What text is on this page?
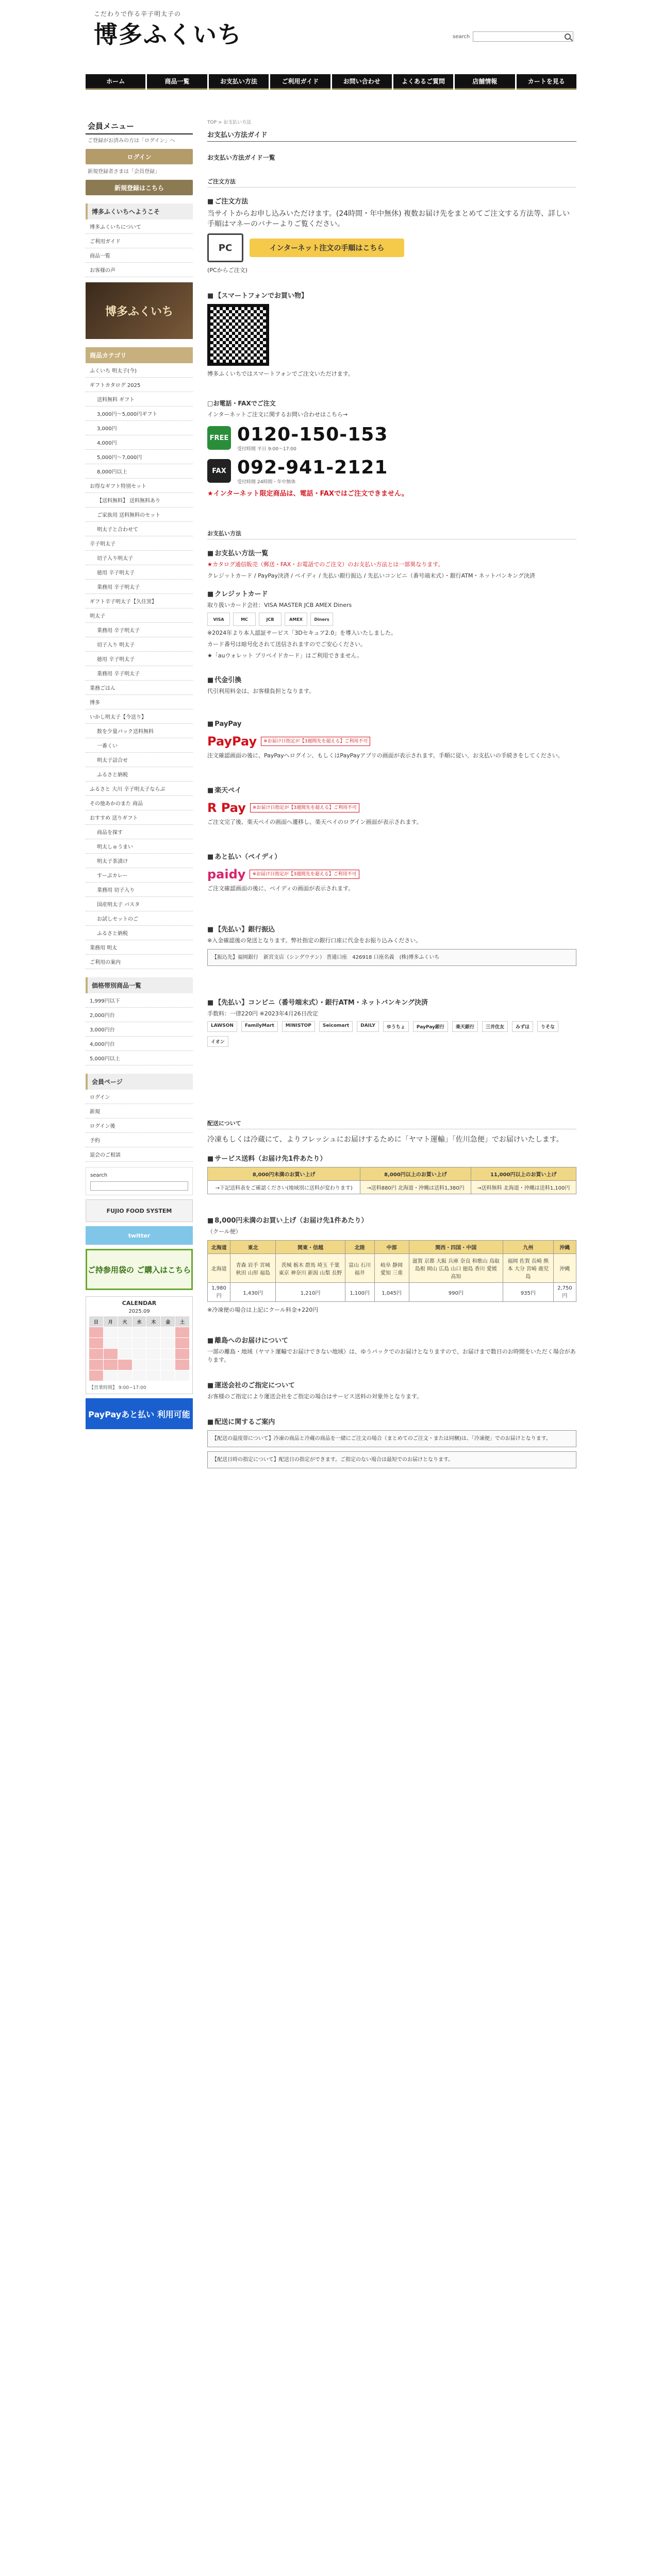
こだわりで作る辛子明太子の
博多ふくいち	search
ホーム	商品一覧	お支払い方法	ご利用ガイド	お問い合わせ	よくあるご質問	店舗情報	カートを見る
会員メニュー

ご登録がお済みの方は「ログイン」へ

ログイン

新規登録者さまは「会員登録」

新規登録はこちら
博多ふくいちへようこそ
博多ふくいちについて
ご利用ガイド
商品一覧
お客様の声
博多ふくいち
商品カテゴリ
ふくいち 明太子(今)
ギフトカタログ 2025
送料無料 ギフト
3,000円～5,000円ギフト
3,000円
4,000円
5,000円～7,000円
8,000円以上
お得なギフト特別セット
【送料無料】 送料無料あり
ご家族用 送料無料のセット
明太子と合わせて
辛子明太子
切子入り明太子
徳用 辛子明太子
業務用 辛子明太子
ギフト辛子明太子【久住窯】
明太子
業務用 辛子明太子
切子入り 明太子
徳用 辛子明太子
業務用 辛子明太子
業務ごはん
博多
いかし明太子【今送り】
数を少量パック送料無料
一番くい
明太子詰合せ
ふるさと納税
ふるさと 大川 辛子明太子ならぶ
その他あかのまた 商品
おすすめ 送りギフト
商品を探す
明太しゅうまい
明太子茶漬け
すーぷカレー
業務用 切子入り
国産明太子 パスタ
お試しセットのご
ふるさと納税
業務用 明太
ご利用の案内
価格帯別商品一覧
1,999円以下
2,000円台
3,000円台
4,000円台
5,000円以上
会員ページ
ログイン
新規
ログイン後
予約
退会のご相談
search
FUJIO FOOD SYSTEM
twitter
ご持参用袋の ご購入はこちら
CALENDAR
2025.09
日	月	火	水	木	金	土
【営業時間】 9:00~17:00
PayPayあと払い 利用可能
TOP > お支払い方法
お支払い方法ガイド
お支払い方法ガイド一覧
ご注文方法
■ ご注文方法

当サイトからお申し込みいただけます。(24時間・年中無休) 複数お届け先をまとめてご注文する方法等、詳しい手順はマネーのバナーよりご覧ください。

PC	インターネット注文の手順はこちら

(PCからご注文)

■ 【スマートフォンでお買い物】

博多ふくいちではスマートフォンでご注文いただけます。

□お電話・FAXでご注文

インターネットご注文に関するお問い合わせはこちら→

FREE 0120-150-153
受付時間 平日 9:00～17:00
FAX 092-941-2121
受付時間 24時間・年中無休

★インターネット限定商品は、電話・FAXではご注文できません。

お支払い方法
■ お支払い方法一覧

★カタログ通信販売（郵送・FAX・お電話でのご注文）のお支払い方法とは一部異なります。

クレジットカード / PayPay決済 / ペイディ / 先払い銀行振込 / 先払いコンビニ（番号端末式）・銀行ATM・ネットバンキング決済

■ クレジットカード

取り扱いカード会社：VISA MASTER JCB AMEX Diners

VISA	MC	JCB	AMEX	Diners

※2024年より本人認証サービス「3Dセキュア2.0」を導入いたしました。

カード番号は暗号化されて送信されますのでご安心ください。

★「auウォレット プリペイドカード」はご利用できません。

■ 代金引換

代引利用料金は、お客様負担となります。

■ PayPay
PayPay	※お届け日指定が【3週間先を超える】ご利用不可

注文確認画面の後に、PayPayへログイン、もしくはPayPayアプリの画面が表示されます。手順に従い、お支払いの手続きをしてください。

■ 楽天ペイ
R Pay	※お届け日指定が【3週間先を超える】ご利用不可

ご注文完了後、楽天ペイの画面へ遷移し、楽天ペイのログイン画面が表示されます。

■ あと払い（ペイディ）
paidy	※お届け日指定が【3週間先を超える】ご利用不可

ご注文確認画面の後に、ペイディの画面が表示されます。

■ 【先払い】銀行振込

※入金確認後の発送となります。弊社指定の銀行口座に代金をお振り込みください。

【振込先】福岡銀行　新宮支店（シングウテン） 普通口座　426918 口座名義　(株)博多ふくいち
■ 【先払い】コンビニ（番号端末式）・銀行ATM・ネットバンキング決済

手数料：一律220円 ※2023年4月26日改定

LAWSON	FamilyMart	MINISTOP	Seicomart	DAILY	ゆうちょ	PayPay銀行	楽天銀行	三井住友	みずほ	りそな
イオン
配送について

冷凍もしくは冷蔵にて、よりフレッシュにお届けするために「ヤマト運輸」「佐川急便」でお届けいたします。

■ サービス送料（お届け先1件あたり）
8,000円未満のお買い上げ	8,000円以上のお買い上げ	11,000円以上のお買い上げ
→下記送料表をご確認ください(地域別に送料が変わります)	→送料880円 北海道・沖縄は送料1,380円	→送料無料 北海道・沖縄は送料1,100円
■ 8,000円未満のお買い上げ（お届け先1件あたり）

（クール便）

北海道	東北	関東・信越	北陸	中部	関西・四国・中国	九州	沖縄
北海道	青森 岩手 宮城 秋田 山形 福島	茨城 栃木 群馬 埼玉 千葉 東京 神奈川 新潟 山梨 長野	富山 石川 福井	岐阜 静岡 愛知 三重	滋賀 京都 大阪 兵庫 奈良 和歌山 鳥取 島根 岡山 広島 山口 徳島 香川 愛媛 高知	福岡 佐賀 長崎 熊本 大分 宮崎 鹿児島	沖縄
1,980円	1,430円	1,210円	1,100円	1,045円	990円	935円	2,750円

※冷凍便の場合は上記にクール料金+220円

■ 離島へのお届けについて

一部の離島・地域（ヤマト運輸でお届けできない地域）は、ゆうパックでのお届けとなりますので、お届けまで数日のお時間をいただく場合があります。

■ 運送会社のご指定について

お客様のご指定により運送会社をご指定の場合はサービス送料の対象外となります。

■ 配送に関するご案内
【配送の温度帯について】冷凍の商品と冷蔵の商品を一緒にご注文の場合（まとめてのご注文・または同梱)は、「冷凍便」でのお届けとなります。
【配送日時の指定について】配送日の指定ができます。ご指定のない場合は最短でのお届けとなります。
